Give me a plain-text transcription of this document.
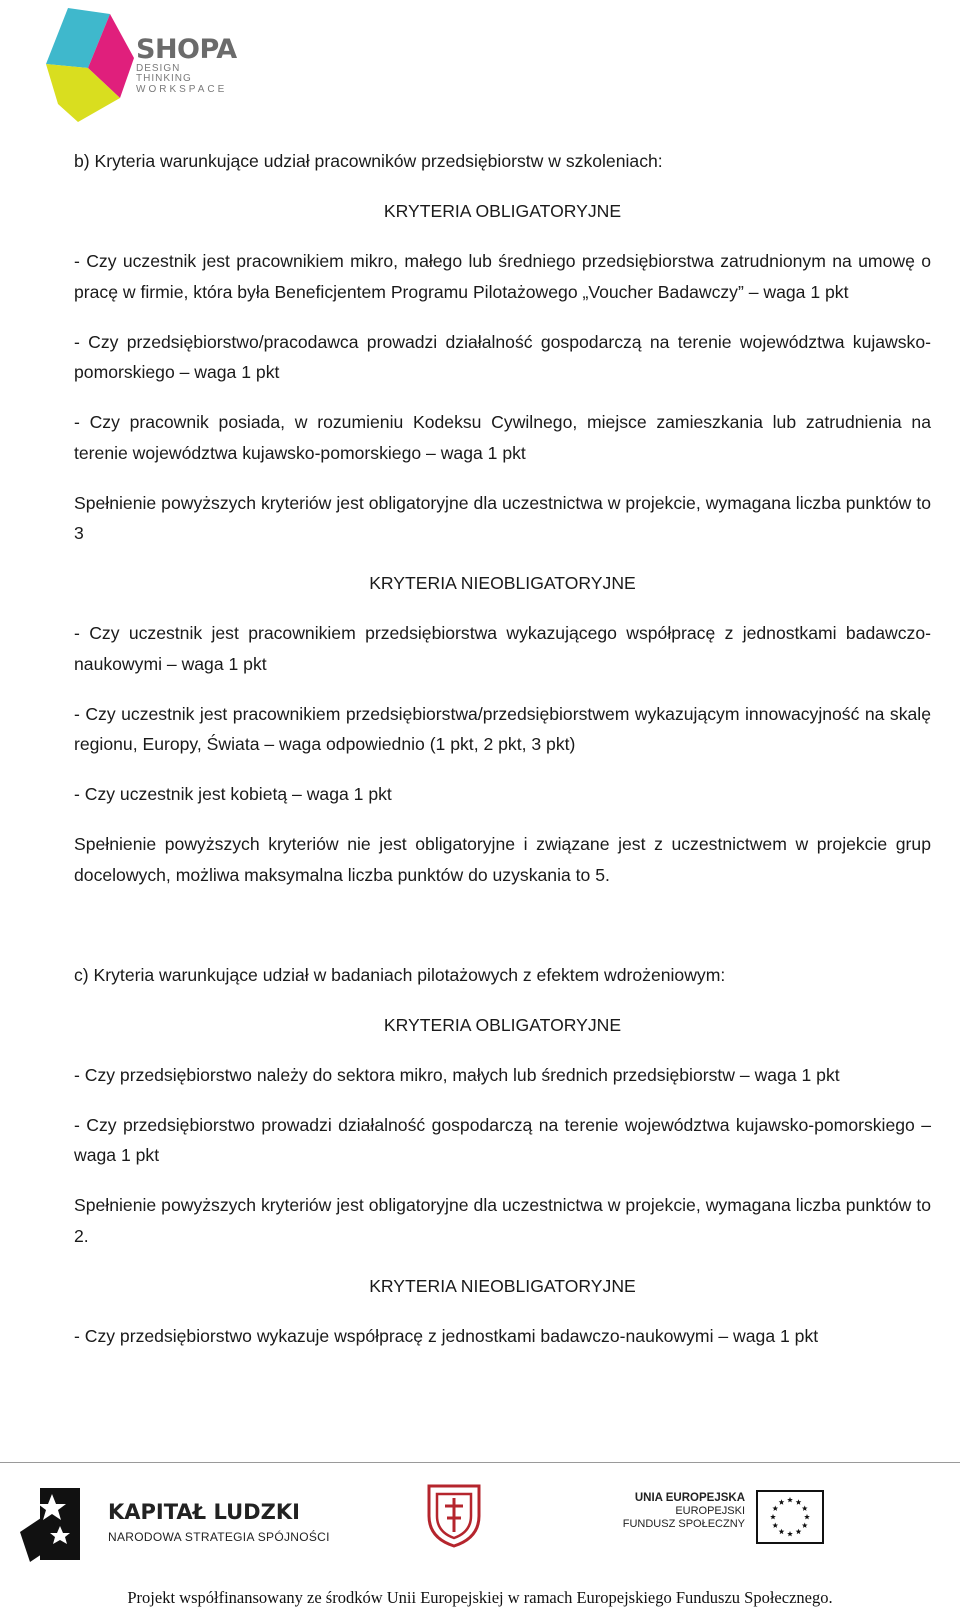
SHOPA
DESIGN THINKING
WORKSPACE

b) Kryteria warunkujące udział pracowników przedsiębiorstw w szkoleniach:

KRYTERIA OBLIGATORYJNE

- Czy uczestnik jest pracownikiem mikro, małego lub średniego przedsiębiorstwa zatrudnionym na umowę o pracę w firmie, która była Beneficjentem Programu Pilotażowego „Voucher Badawczy” – waga 1 pkt

- Czy przedsiębiorstwo/pracodawca prowadzi działalność gospodarczą na terenie województwa kujawsko-pomorskiego – waga 1 pkt

- Czy pracownik posiada, w rozumieniu Kodeksu Cywilnego, miejsce zamieszkania lub zatrudnienia na terenie województwa kujawsko-pomorskiego – waga 1 pkt

Spełnienie powyższych kryteriów jest obligatoryjne dla uczestnictwa w projekcie, wymagana liczba punktów to 3

KRYTERIA NIEOBLIGATORYJNE

- Czy uczestnik jest pracownikiem przedsiębiorstwa wykazującego współpracę z jednostkami badawczo-naukowymi – waga 1 pkt

- Czy uczestnik jest pracownikiem przedsiębiorstwa/przedsiębiorstwem wykazującym innowacyjność na skalę regionu, Europy, Świata – waga odpowiednio (1 pkt, 2 pkt, 3 pkt)

- Czy uczestnik jest kobietą – waga 1 pkt

Spełnienie powyższych kryteriów nie jest obligatoryjne i związane jest z uczestnictwem w projekcie grup docelowych, możliwa maksymalna liczba punktów do uzyskania to 5.

c) Kryteria warunkujące udział w badaniach pilotażowych z efektem wdrożeniowym:

KRYTERIA OBLIGATORYJNE

- Czy przedsiębiorstwo należy do sektora mikro, małych lub średnich przedsiębiorstw – waga 1 pkt

- Czy przedsiębiorstwo prowadzi działalność gospodarczą na terenie województwa kujawsko-pomorskiego – waga 1 pkt

Spełnienie powyższych kryteriów jest obligatoryjne dla uczestnictwa w projekcie, wymagana liczba punktów to 2.

KRYTERIA NIEOBLIGATORYJNE

- Czy przedsiębiorstwo wykazuje współpracę z jednostkami badawczo-naukowymi – waga 1 pkt

KAPITAŁ LUDZKI
NARODOWA STRATEGIA SPÓJNOŚCI
UNIA EUROPEJSKA
EUROPEJSKI
FUNDUSZ SPOŁECZNY
Projekt współfinansowany ze środków Unii Europejskiej w ramach Europejskiego Funduszu Społecznego.
